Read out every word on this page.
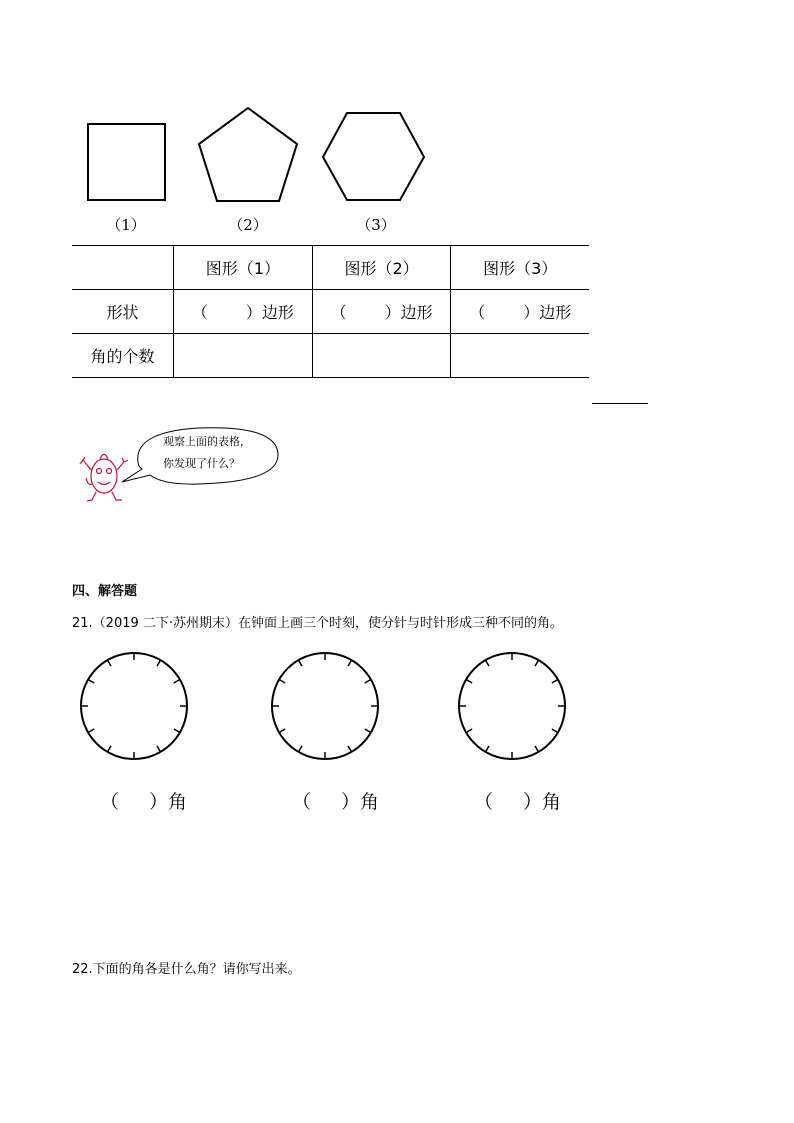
（1）	（2）	（3）
	图形（1）	图形（2）	图形（3）
形状	（ ）边形	（ ）边形	（ ）边形
角的个数			
观察上面的表格，
你发现了什么？
四、解答题
21.（2019 二下·苏州期末）在钟面上画三个时刻，使分针与时针形成三种不同的角。
（ ）角	（ ）角	（ ）角
22.下面的角各是什么角？请你写出来。
